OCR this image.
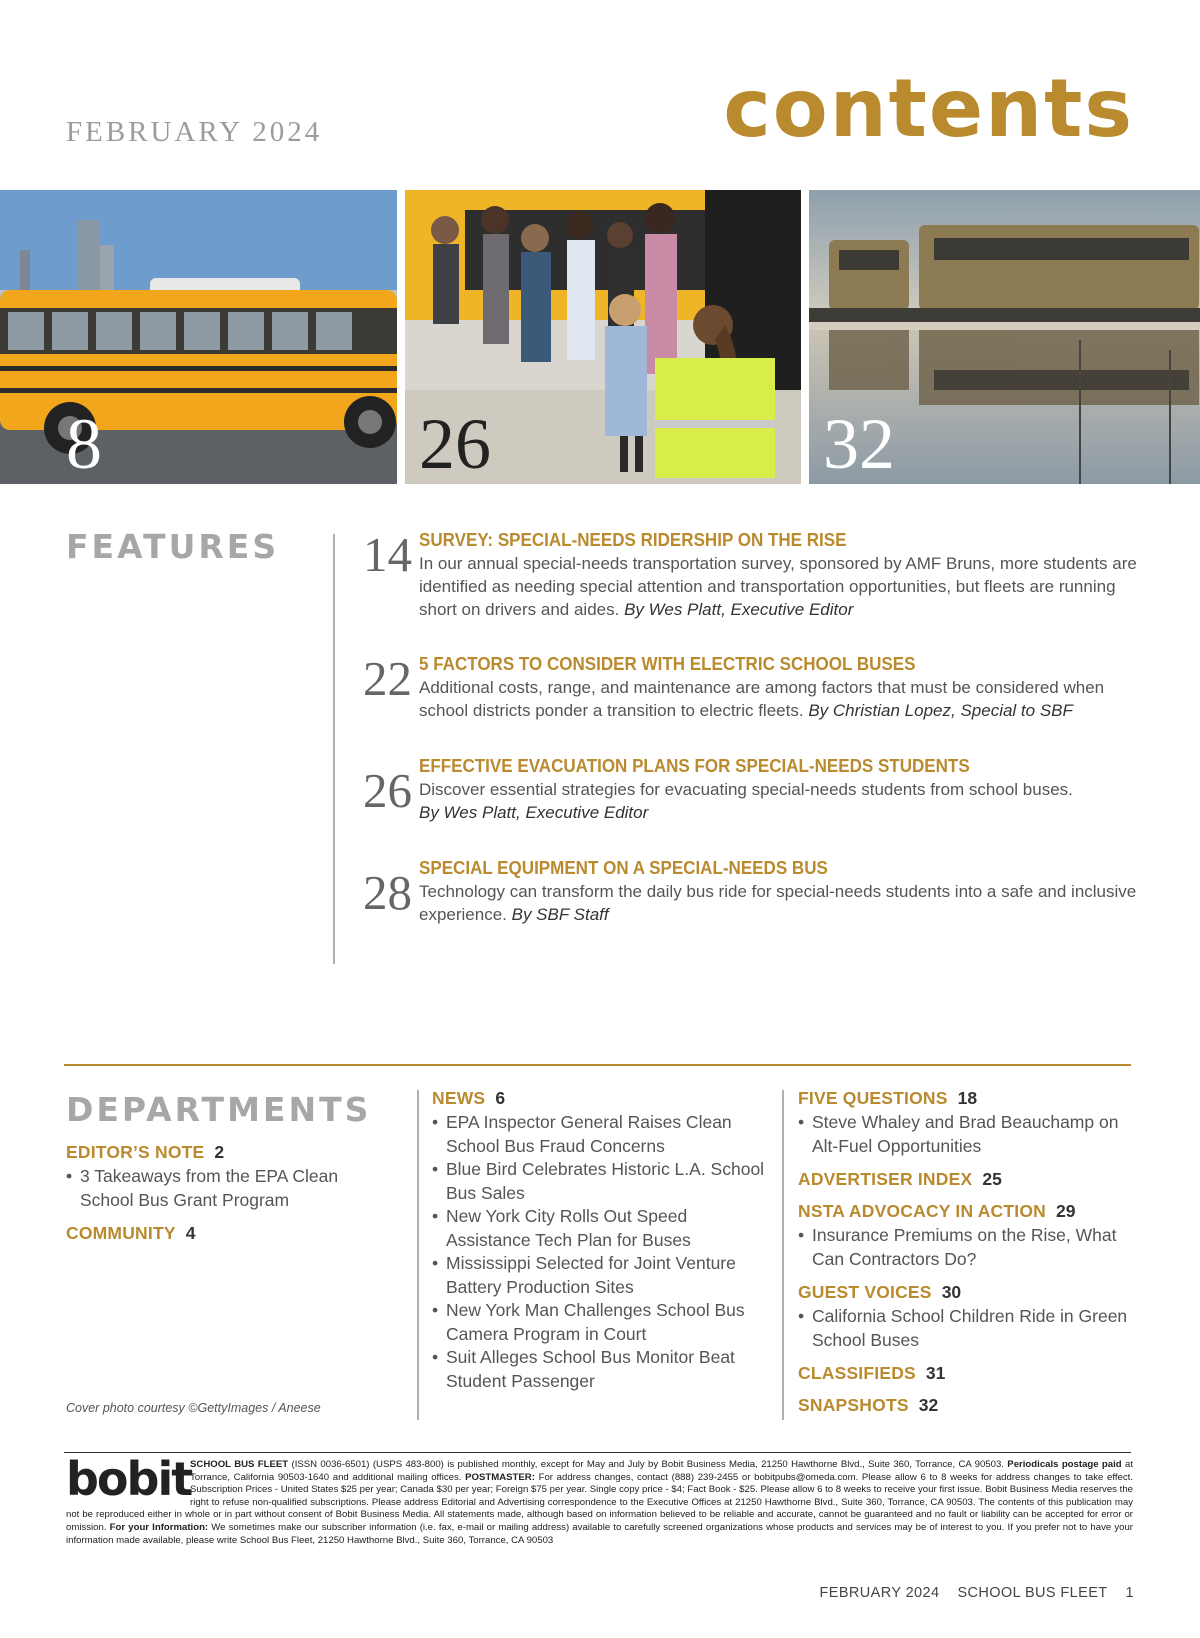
FEBRUARY 2024	contents
8	26	32
FEATURES 14 SURVEY: SPECIAL-NEEDS RIDERSHIP ON THE RISE
In our annual special-needs transportation survey, sponsored by AMF Bruns, more students are identified as needing special attention and transportation opportunities, but fleets are running short on drivers and aides. By Wes Platt, Executive Editor
22 5 FACTORS TO CONSIDER WITH ELECTRIC SCHOOL BUSES
Additional costs, range, and maintenance are among factors that must be considered when school districts ponder a transition to electric fleets. By Christian Lopez, Special to SBF
26 EFFECTIVE EVACUATION PLANS FOR SPECIAL-NEEDS STUDENTS
Discover essential strategies for evacuating special-needs students from school buses.
By Wes Platt, Executive Editor
28 SPECIAL EQUIPMENT ON A SPECIAL-NEEDS BUS
Technology can transform the daily bus ride for special-needs students into a safe and inclusive experience. By SBF Staff
DEPARTMENTS
EDITOR’S NOTE 2
• 3 Takeaways from the EPA Clean School Bus Grant Program
COMMUNITY 4
NEWS 6
• EPA Inspector General Raises Clean School Bus Fraud Concerns
• Blue Bird Celebrates Historic L.A. School Bus Sales
• New York City Rolls Out Speed Assistance Tech Plan for Buses
• Mississippi Selected for Joint Venture Battery Production Sites
• New York Man Challenges School Bus Camera Program in Court
• Suit Alleges School Bus Monitor Beat Student Passenger
FIVE QUESTIONS 18
• Steve Whaley and Brad Beauchamp on Alt-Fuel Opportunities
ADVERTISER INDEX 25
NSTA ADVOCACY IN ACTION 29
• Insurance Premiums on the Rise, What Can Contractors Do?
GUEST VOICES 30
• California School Children Ride in Green School Buses
CLASSIFIEDS 31
SNAPSHOTS 32
Cover photo courtesy ©GettyImages / Aneese
bobit
SCHOOL BUS FLEET (ISSN 0036-6501) (USPS 483-800) is published monthly, except for May and July by Bobit Business Media, 21250 Hawthorne Blvd., Suite 360, Torrance, CA 90503. Periodicals postage paid at Torrance, California 90503-1640 and additional mailing offices. POSTMASTER: For address changes, contact (888) 239-2455 or bobitpubs@omeda.com. Please allow 6 to 8 weeks for address changes to take effect. Subscription Prices - United States $25 per year; Canada $30 per year; Foreign $75 per year. Single copy price - $4; Fact Book - $25. Please allow 6 to 8 weeks to receive your first issue. Bobit Business Media reserves the right to refuse non-qualified subscriptions. Please address Editorial and Advertising correspondence to the Executive Offices at 21250 Hawthorne Blvd., Suite 360, Torrance, CA 90503. The contents of this publication may not be reproduced either in whole or in part without consent of Bobit Business Media. All statements made, although based on information believed to be reliable and accurate, cannot be guaranteed and no fault or liability can be accepted for error or omission. For your Information: We sometimes make our subscriber information (i.e. fax, e-mail or mailing address) available to carefully screened organizations whose products and services may be of interest to you. If you prefer not to have your information made available, please write School Bus Fleet, 21250 Hawthorne Blvd., Suite 360, Torrance, CA 90503
FEBRUARY 2024 SCHOOL BUS FLEET 1
